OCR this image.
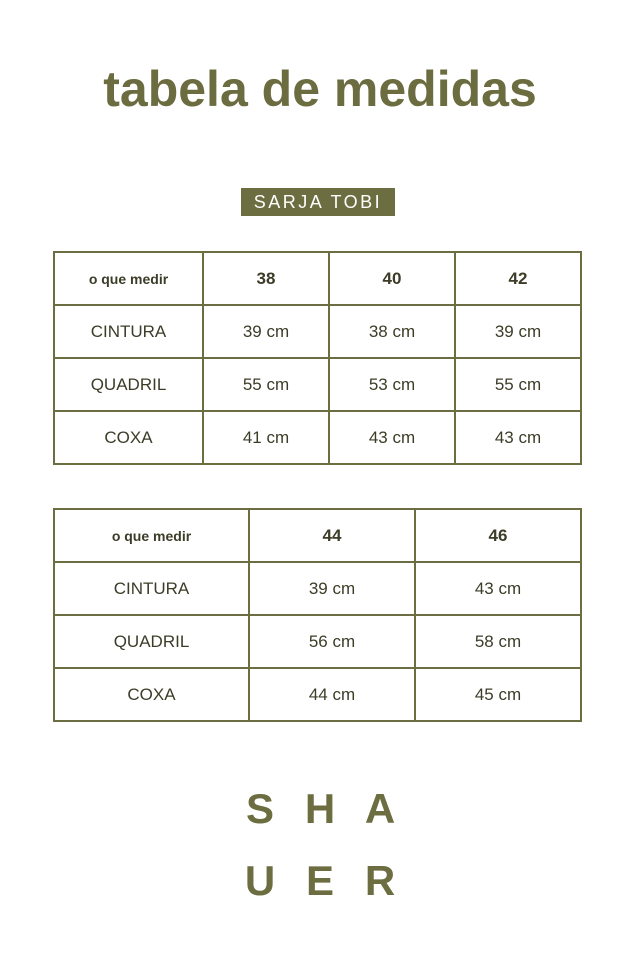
tabela de medidas
SARJA TOBI
o que medir	38	40	42
CINTURA	39 cm	38 cm	39 cm
QUADRIL	55 cm	53 cm	55 cm
COXA	41 cm	43 cm	43 cm
o que medir	44	46
CINTURA	39 cm	43 cm
QUADRIL	56 cm	58 cm
COXA	44 cm	45 cm
S H A
U E R
